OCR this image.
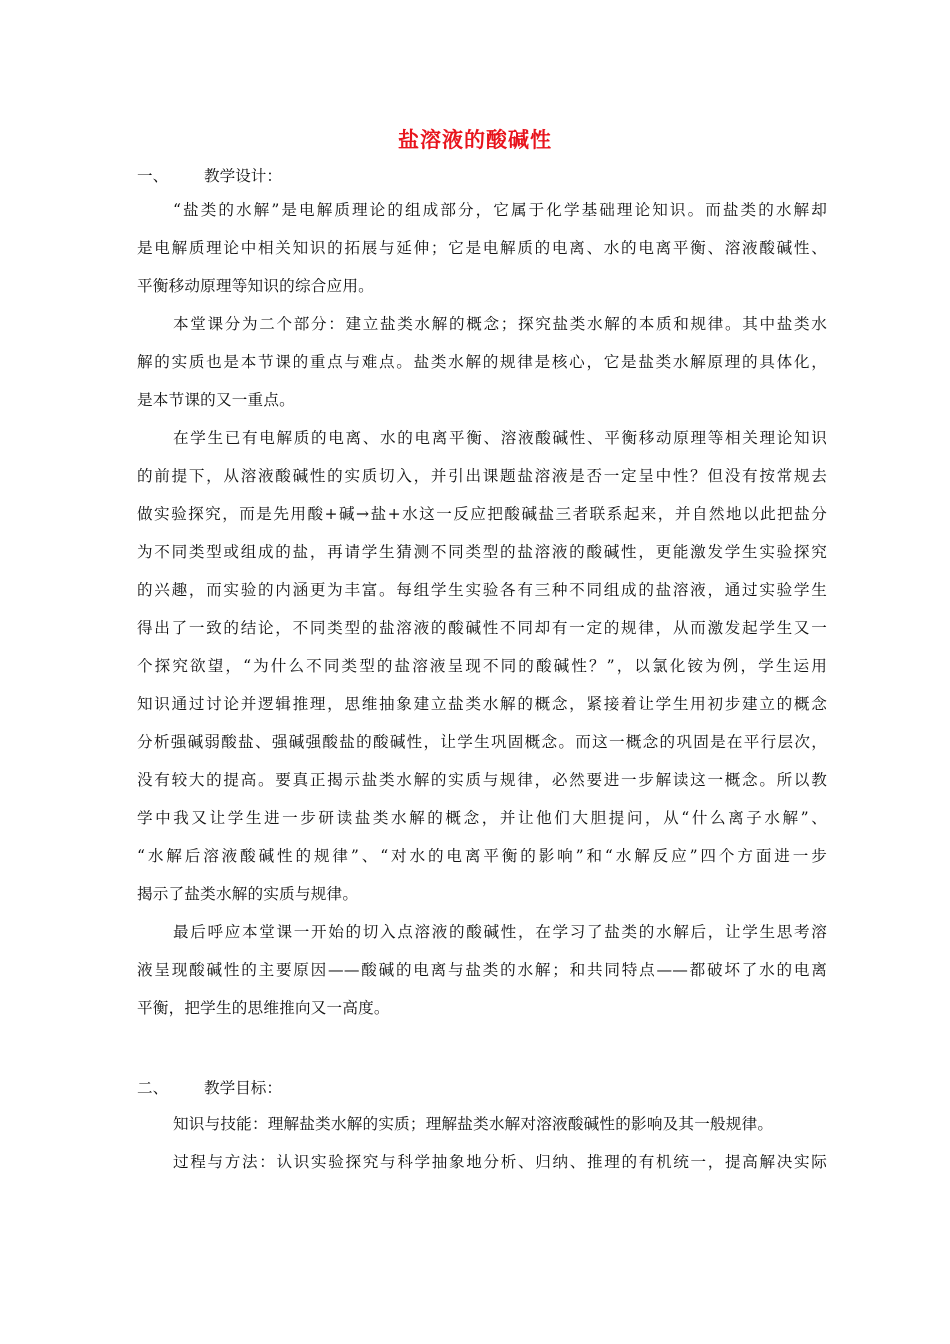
盐溶液的酸碱性
一、 教学设计：
“盐类的水解”是电解质理论的组成部分，它属于化学基础理论知识。而盐类的水解却
是电解质理论中相关知识的拓展与延伸；它是电解质的电离、水的电离平衡、溶液酸碱性、
平衡移动原理等知识的综合应用。
本堂课分为二个部分：建立盐类水解的概念；探究盐类水解的本质和规律。其中盐类水
解的实质也是本节课的重点与难点。盐类水解的规律是核心，它是盐类水解原理的具体化，
是本节课的又一重点。
在学生已有电解质的电离、水的电离平衡、溶液酸碱性、平衡移动原理等相关理论知识
的前提下，从溶液酸碱性的实质切入，并引出课题盐溶液是否一定呈中性？但没有按常规去
做实验探究，而是先用酸+碱→盐+水这一反应把酸碱盐三者联系起来，并自然地以此把盐分
为不同类型或组成的盐，再请学生猜测不同类型的盐溶液的酸碱性，更能激发学生实验探究
的兴趣，而实验的内涵更为丰富。每组学生实验各有三种不同组成的盐溶液，通过实验学生
得出了一致的结论，不同类型的盐溶液的酸碱性不同却有一定的规律，从而激发起学生又一
个探究欲望，“为什么不同类型的盐溶液呈现不同的酸碱性？”，以氯化铵为例，学生运用
知识通过讨论并逻辑推理，思维抽象建立盐类水解的概念，紧接着让学生用初步建立的概念
分析强碱弱酸盐、强碱强酸盐的酸碱性，让学生巩固概念。而这一概念的巩固是在平行层次，
没有较大的提高。要真正揭示盐类水解的实质与规律，必然要进一步解读这一概念。所以教
学中我又让学生进一步研读盐类水解的概念，并让他们大胆提问，从“什么离子水解”、
“水解后溶液酸碱性的规律”、“对水的电离平衡的影响”和“水解反应”四个方面进一步
揭示了盐类水解的实质与规律。
最后呼应本堂课一开始的切入点溶液的酸碱性，在学习了盐类的水解后，让学生思考溶
液呈现酸碱性的主要原因——酸碱的电离与盐类的水解；和共同特点——都破坏了水的电离
平衡，把学生的思维推向又一高度。
二、 教学目标：
知识与技能：理解盐类水解的实质；理解盐类水解对溶液酸碱性的影响及其一般规律。
过程与方法：认识实验探究与科学抽象地分析、归纳、推理的有机统一，提高解决实际
